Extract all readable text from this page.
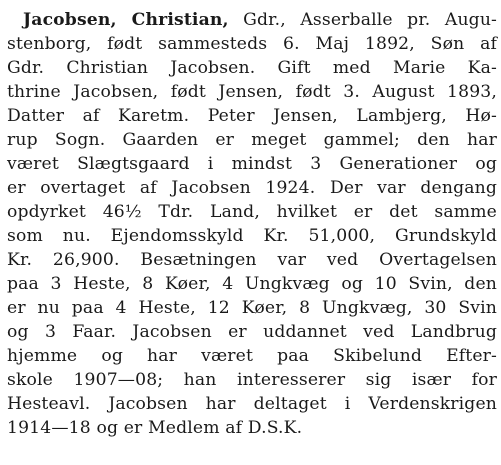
Jacobsen, Christian, Gdr., Asserballe pr. Augu-
stenborg, født sammesteds 6. Maj 1892, Søn af
Gdr. Christian Jacobsen. Gift med Marie Ka-
thrine Jacobsen, født Jensen, født 3. August 1893,
Datter af Karetm. Peter Jensen, Lambjerg, Hø-
rup Sogn. Gaarden er meget gammel; den har
været Slægtsgaard i mindst 3 Generationer og
er overtaget af Jacobsen 1924. Der var dengang
opdyrket 46½ Tdr. Land, hvilket er det samme
som nu. Ejendomsskyld Kr. 51,000, Grundskyld
Kr. 26,900. Besætningen var ved Overtagelsen
paa 3 Heste, 8 Køer, 4 Ungkvæg og 10 Svin, den
er nu paa 4 Heste, 12 Køer, 8 Ungkvæg, 30 Svin
og 3 Faar. Jacobsen er uddannet ved Landbrug
hjemme og har været paa Skibelund Efter-
skole 1907—08; han interesserer sig især for
Hesteavl. Jacobsen har deltaget i Verdenskrigen
1914—18 og er Medlem af D.S.K.
